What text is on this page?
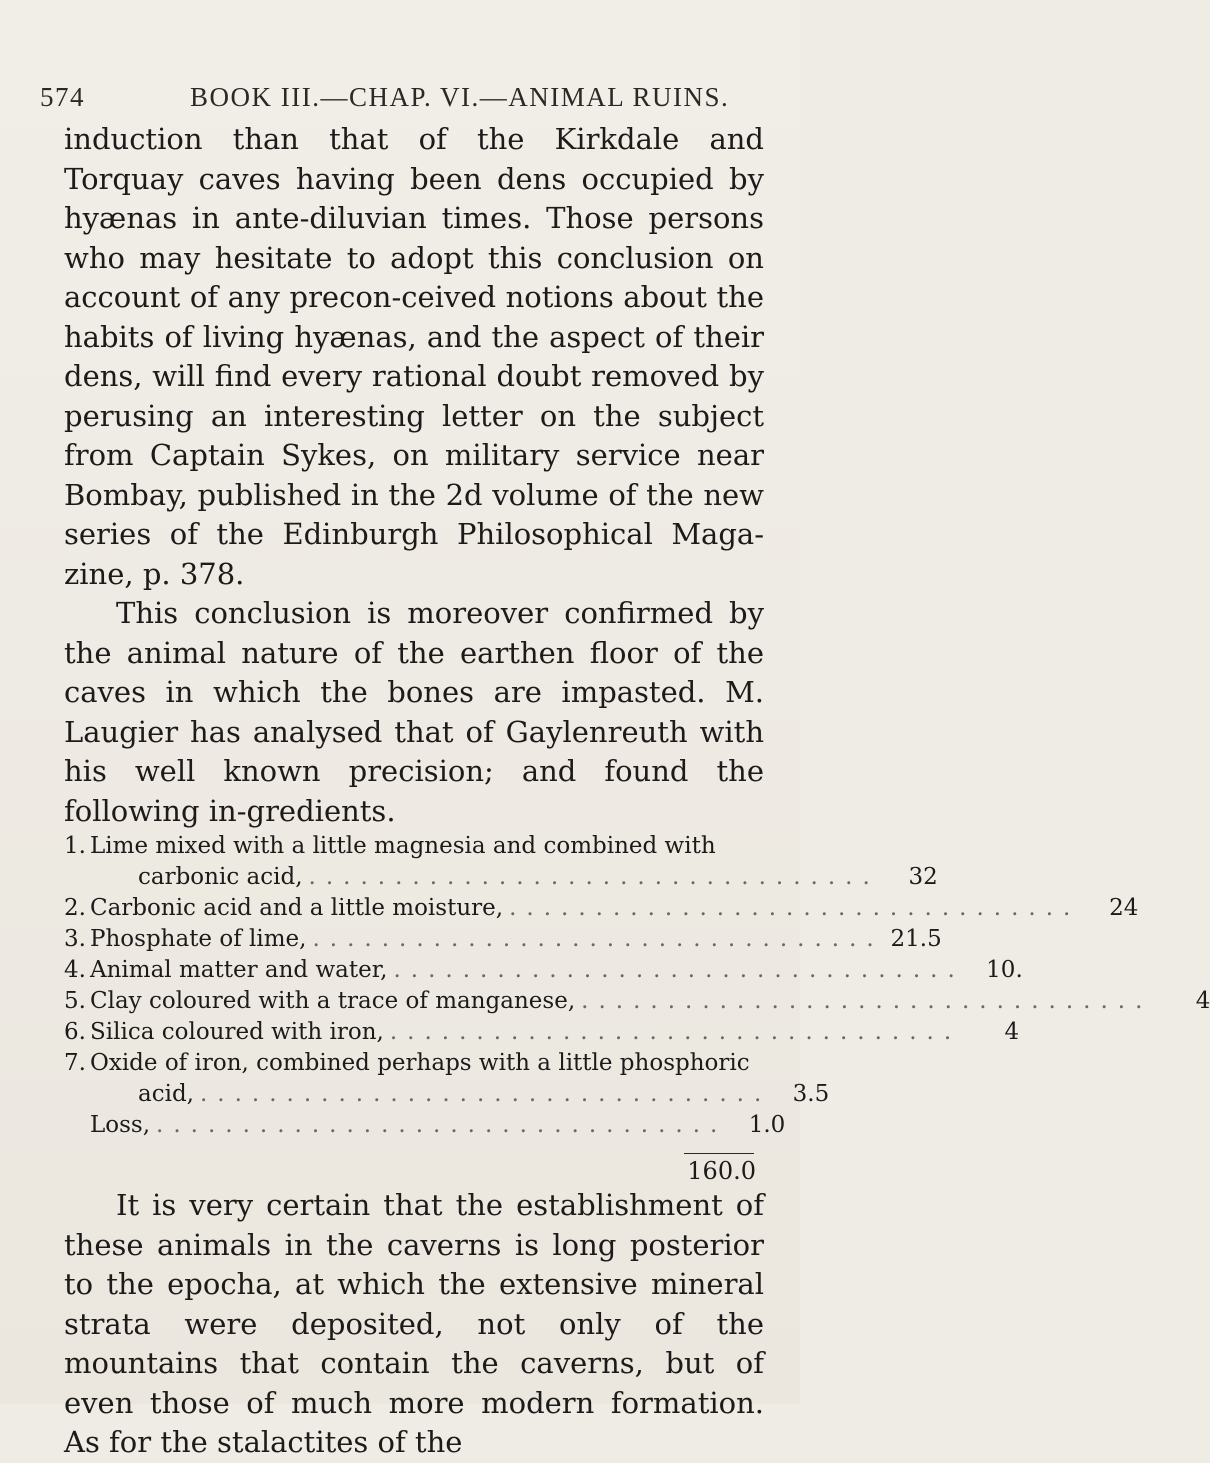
574	BOOK III.—CHAP. VI.—ANIMAL RUINS.

induction than that of the Kirkdale and Torquay caves having been dens occupied by hyænas in ante-diluvian times. Those persons who may hesitate to adopt this conclusion on account of any precon-ceived notions about the habits of living hyænas, and the aspect of their dens, will find every rational doubt removed by perusing an interesting letter on the subject from Captain Sykes, on military service near Bombay, published in the 2d volume of the new series of the Edinburgh Philosophical Maga-zine, p. 378.

This conclusion is moreover confirmed by the animal nature of the earthen floor of the caves in which the bones are impasted. M. Laugier has analysed that of Gaylenreuth with his well known precision; and found the following in-gredients.

1. Lime mixed with a little magnesia and combined with
carbonic acid, .................................	32
2. Carbonic acid and a little moisture, .................................	24
3. Phosphate of lime, ................................. 21.5
4. Animal matter and water, ................................. 10.
5. Clay coloured with a trace of manganese, .................................	4
6. Silica coloured with iron, .................................	4
7. Oxide of iron, combined perhaps with a little phosphoric
acid, ................................. 3.5
Loss, ................................. 1.0
160.0

It is very certain that the establishment of these animals in the caverns is long posterior to the epocha, at which the extensive mineral strata were deposited, not only of the mountains that contain the caverns, but of even those of much more modern formation. As for the stalactites of the
